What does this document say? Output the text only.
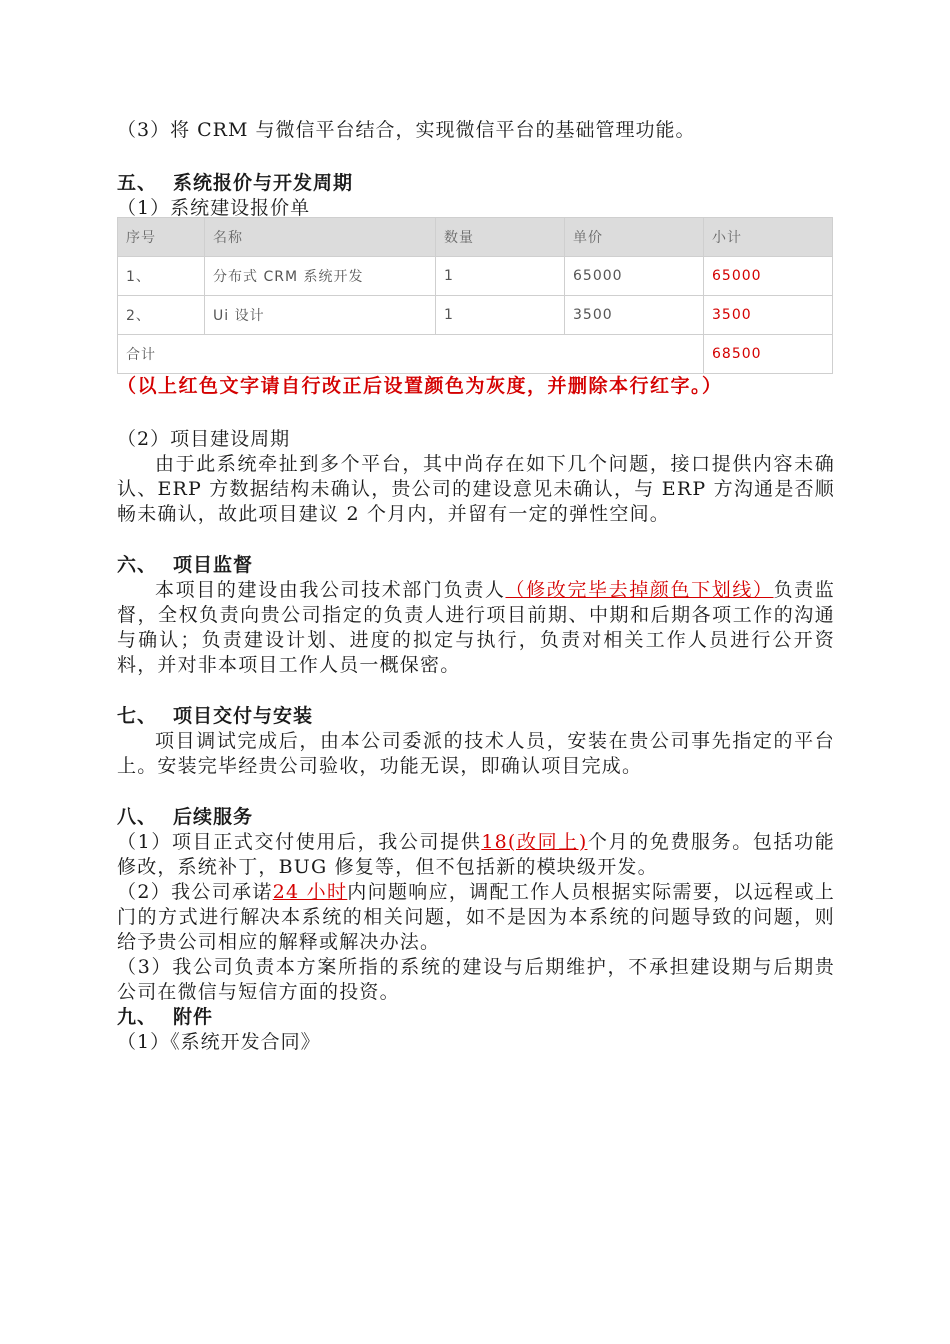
（3）将 CRM 与微信平台结合，实现微信平台的基础管理功能。
五、 系统报价与开发周期
（1）系统建设报价单
序号	名称	数量	单价	小计
1、	分布式 CRM 系统开发	1	65000	65000
2、	Ui 设计	1	3500	3500
合计				68500
（以上红色文字请自行改正后设置颜色为灰度，并删除本行红字。）
（2）项目建设周期
由于此系统牵扯到多个平台，其中尚存在如下几个问题，接口提供内容未确认、ERP 方数据结构未确认，贵公司的建设意见未确认，与 ERP 方沟通是否顺畅未确认，故此项目建议 2 个月内，并留有一定的弹性空间。
六、 项目监督
本项目的建设由我公司技术部门负责人（修改完毕去掉颜色下划线）负责监督，全权负责向贵公司指定的负责人进行项目前期、中期和后期各项工作的沟通与确认；负责建设计划、进度的拟定与执行，负责对相关工作人员进行公开资料，并对非本项目工作人员一概保密。
七、 项目交付与安装
项目调试完成后，由本公司委派的技术人员，安装在贵公司事先指定的平台上。安装完毕经贵公司验收，功能无误，即确认项目完成。
八、 后续服务
（1）项目正式交付使用后，我公司提供18(改同上)个月的免费服务。包括功能修改，系统补丁，BUG 修复等，但不包括新的模块级开发。
（2）我公司承诺24 小时内问题响应，调配工作人员根据实际需要，以远程或上门的方式进行解决本系统的相关问题，如不是因为本系统的问题导致的问题，则给予贵公司相应的解释或解决办法。
（3）我公司负责本方案所指的系统的建设与后期维护，不承担建设期与后期贵公司在微信与短信方面的投资。
九、 附件
（1）《系统开发合同》
